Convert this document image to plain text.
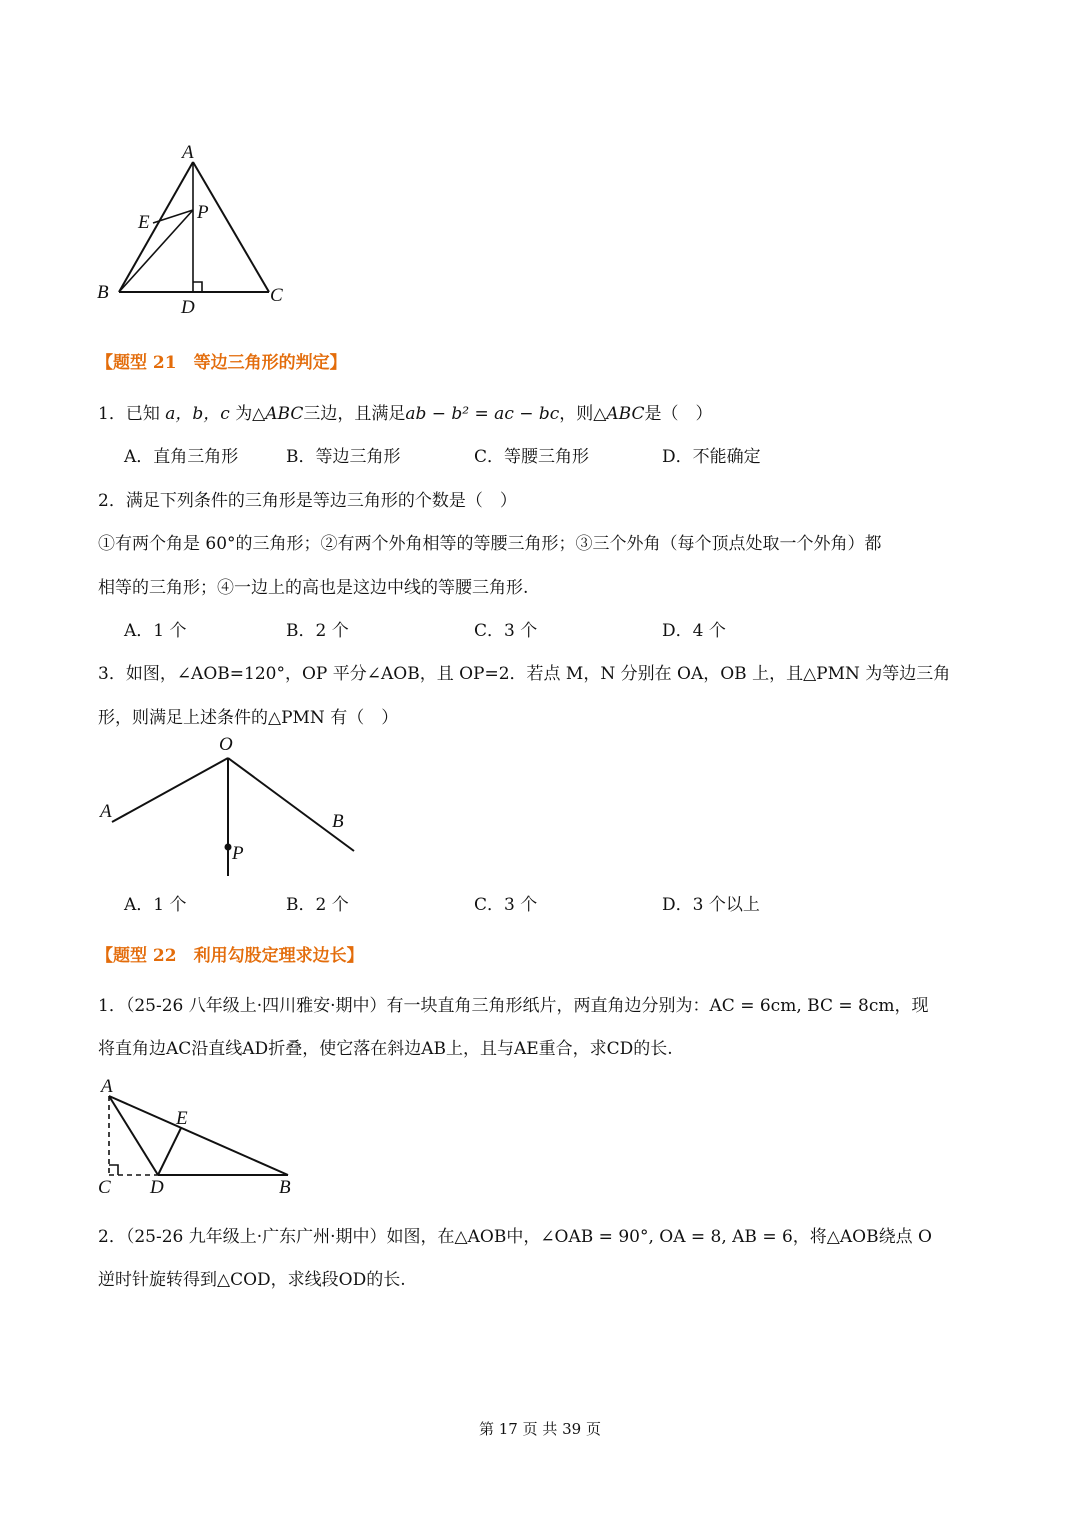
A
P
E
B
D
C
【题型 21　等边三角形的判定】
1．已知 a，b，c 为△ABC三边，且满足ab − b² = ac − bc，则△ABC是（　）
A．直角三角形	B．等边三角形	C．等腰三角形	D．不能确定
2．满足下列条件的三角形是等边三角形的个数是（　）
①有两个角是 60°的三角形；②有两个外角相等的等腰三角形；③三个外角（每个顶点处取一个外角）都
相等的三角形；④一边上的高也是这边中线的等腰三角形.
A．1 个	B．2 个	C．3 个	D．4 个
3．如图，∠AOB=120°，OP 平分∠AOB，且 OP=2．若点 M，N 分别在 OA，OB 上，且△PMN 为等边三角
形，则满足上述条件的△PMN 有（　）
O
A	B
P
A．1 个	B．2 个	C．3 个	D．3 个以上
【题型 22　利用勾股定理求边长】
1．（25-26 八年级上·四川雅安·期中）有一块直角三角形纸片，两直角边分别为：AC = 6cm, BC = 8cm，现
将直角边AC沿直线AD折叠，使它落在斜边AB上，且与AE重合，求CD的长.
A
E
C D	B
2．（25-26 九年级上·广东广州·期中）如图，在△AOB中，∠OAB = 90°, OA = 8, AB = 6，将△AOB绕点 O
逆时针旋转得到△COD，求线段OD的长.
第 17 页 共 39 页
